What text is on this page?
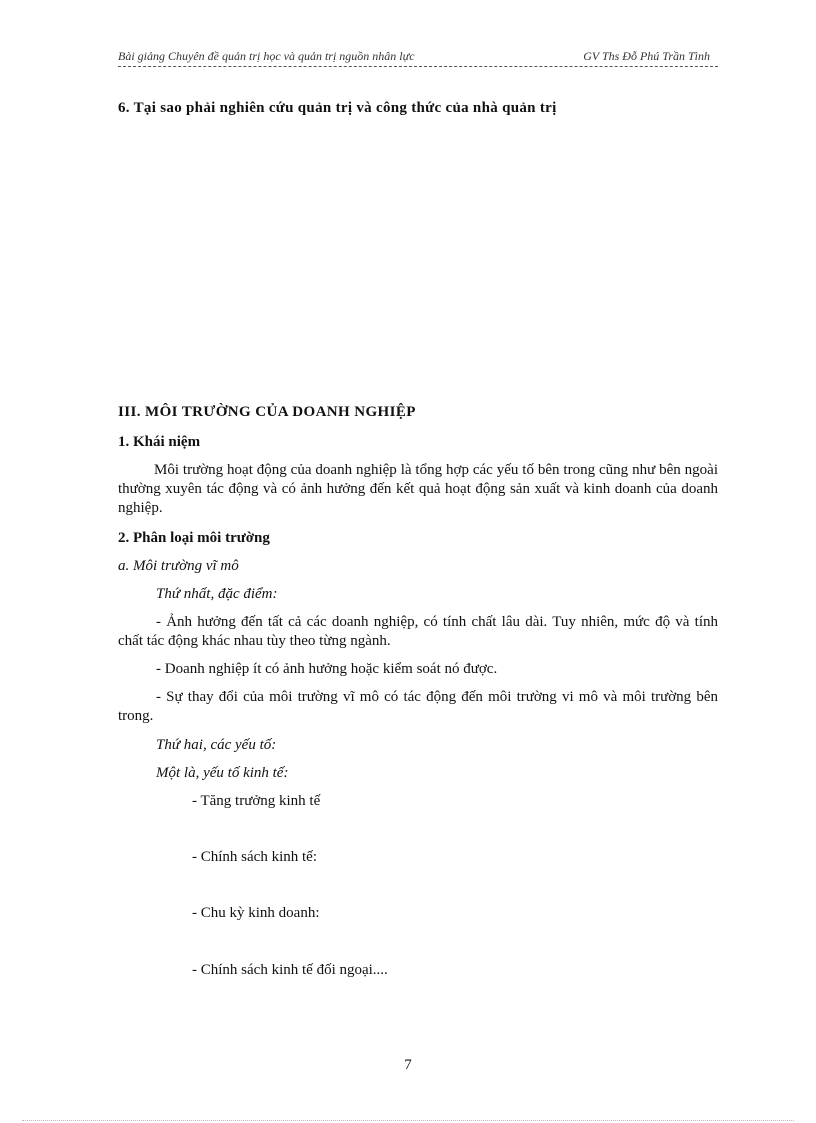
Bài giảng Chuyên đề quản trị học và quản trị nguồn nhân lực	GV Ths Đỗ Phú Trần Tình
6. Tại sao phải nghiên cứu quản trị và công thức của nhà quản trị
III. MÔI TRƯỜNG CỦA DOANH NGHIỆP
1. Khái niệm
Môi trường hoạt động của doanh nghiệp là tổng hợp các yếu tố bên trong cũng như bên ngoài thường xuyên tác động và có ảnh hưởng đến kết quả hoạt động sản xuất và kinh doanh của doanh nghiệp.
2. Phân loại môi trường
a. Môi trường vĩ mô
Thứ nhất, đặc điểm:
- Ảnh hưởng đến tất cả các doanh nghiệp, có tính chất lâu dài. Tuy nhiên, mức độ và tính chất tác động khác nhau tùy theo từng ngành.
- Doanh nghiệp ít có ảnh hưởng hoặc kiểm soát nó được.
- Sự thay đổi của môi trường vĩ mô có tác động đến môi trường vi mô và môi trường bên trong.
Thứ hai, các yếu tố:
Một là, yếu tố kinh tế:
- Tăng trưởng kinh tế
- Chính sách kinh tế:
- Chu kỳ kinh doanh:
- Chính sách kinh tế đối ngoại....
7
